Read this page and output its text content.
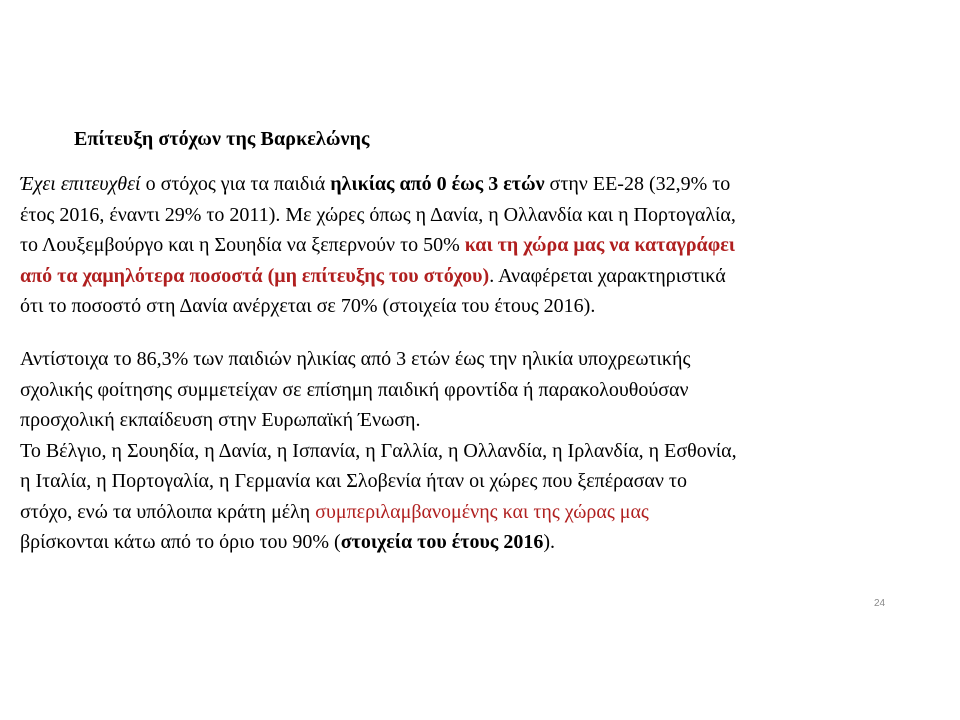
Επίτευξη στόχων της Βαρκελώνης

Έχει επιτευχθεί ο στόχος για τα παιδιά ηλικίας από 0 έως 3 ετών στην ΕΕ-28 (32,9% το
έτος 2016, έναντι 29% το 2011). Με χώρες όπως η Δανία, η Ολλανδία και η Πορτογαλία,
το Λουξεμβούργο και η Σουηδία να ξεπερνούν το 50% και τη χώρα μας να καταγράφει
από τα χαμηλότερα ποσοστά (μη επίτευξης του στόχου). Αναφέρεται χαρακτηριστικά
ότι το ποσοστό στη Δανία ανέρχεται σε 70% (στοιχεία του έτους 2016).

Αντίστοιχα το 86,3% των παιδιών ηλικίας από 3 ετών έως την ηλικία υποχρεωτικής
σχολικής φοίτησης συμμετείχαν σε επίσημη παιδική φροντίδα ή παρακολουθούσαν
προσχολική εκπαίδευση στην Ευρωπαϊκή Ένωση.
Το Βέλγιο, η Σουηδία, η Δανία, η Ισπανία, η Γαλλία, η Ολλανδία, η Ιρλανδία, η Εσθονία,
η Ιταλία, η Πορτογαλία, η Γερμανία και Σλοβενία ήταν οι χώρες που ξεπέρασαν το
στόχο, ενώ τα υπόλοιπα κράτη μέλη συμπεριλαμβανομένης και της χώρας μας
βρίσκονται κάτω από το όριο του 90% (στοιχεία του έτους 2016).

24
